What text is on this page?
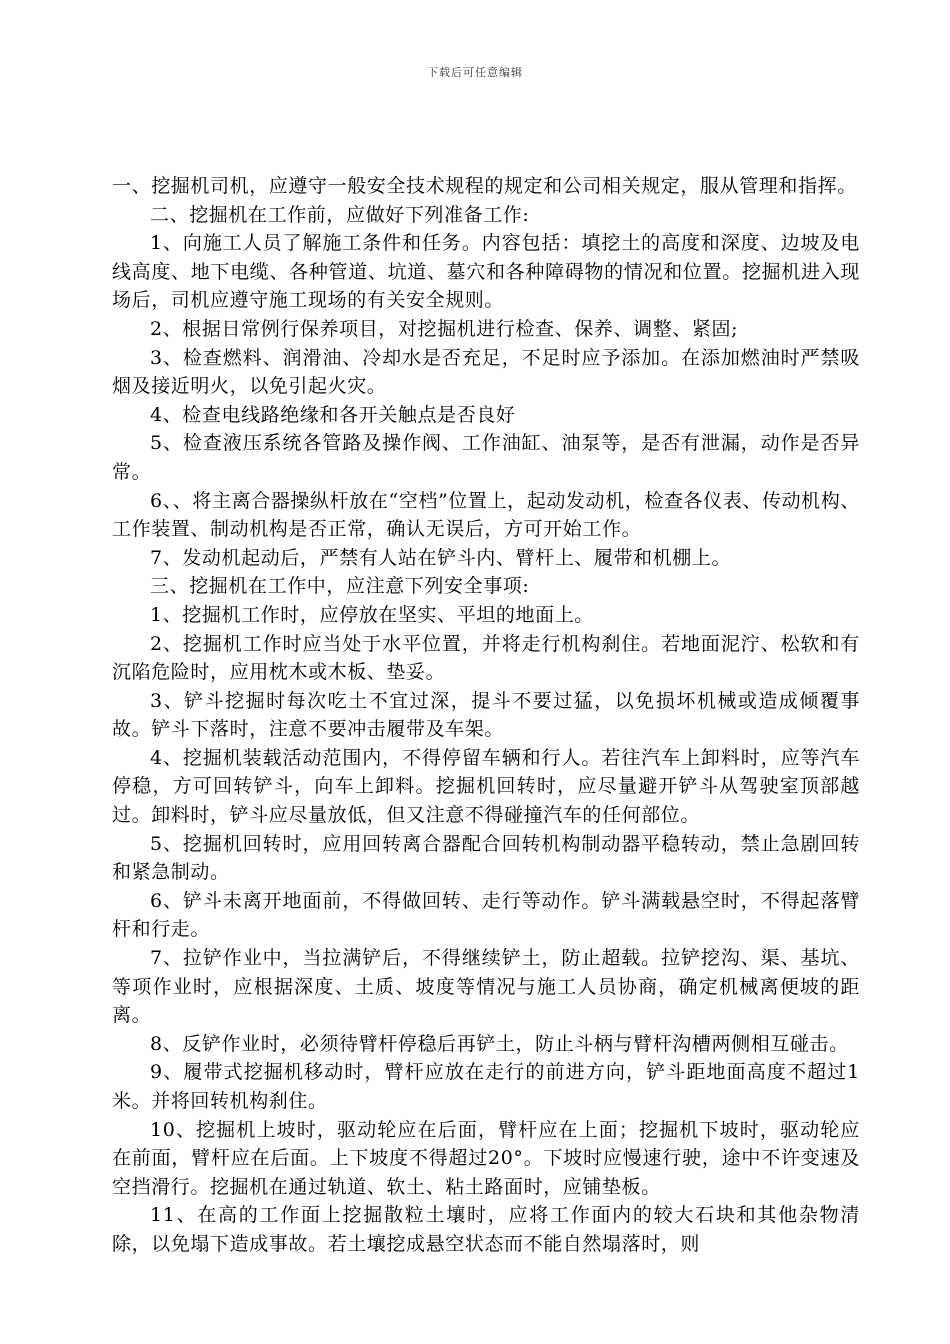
下载后可任意编辑

一、挖掘机司机，应遵守一般安全技术规程的规定和公司相关规定，服从管理和指挥。

二、挖掘机在工作前，应做好下列准备工作:

1、向施工人员了解施工条件和任务。内容包括：填挖土的高度和深度、边坡及电线高度、地下电缆、各种管道、坑道、墓穴和各种障碍物的情况和位置。挖掘机进入现场后，司机应遵守施工现场的有关安全规则。

2、根据日常例行保养项目，对挖掘机进行检查、保养、调整、紧固;

3、检查燃料、润滑油、冷却水是否充足，不足时应予添加。在添加燃油时严禁吸烟及接近明火，以免引起火灾。

4、检查电线路绝缘和各开关触点是否良好

5、检查液压系统各管路及操作阀、工作油缸、油泵等，是否有泄漏，动作是否异常。

6、、将主离合器操纵杆放在“空档”位置上，起动发动机，检查各仪表、传动机构、工作装置、制动机构是否正常，确认无误后，方可开始工作。

7、发动机起动后，严禁有人站在铲斗内、臂杆上、履带和机棚上。

三、挖掘机在工作中，应注意下列安全事项:

1、挖掘机工作时，应停放在坚实、平坦的地面上。

2、挖掘机工作时应当处于水平位置，并将走行机构刹住。若地面泥泞、松软和有沉陷危险时，应用枕木或木板、垫妥。

3、铲斗挖掘时每次吃土不宜过深，提斗不要过猛，以免损坏机械或造成倾覆事故。铲斗下落时，注意不要冲击履带及车架。

4、挖掘机装载活动范围内，不得停留车辆和行人。若往汽车上卸料时，应等汽车停稳，方可回转铲斗，向车上卸料。挖掘机回转时，应尽量避开铲斗从驾驶室顶部越过。卸料时，铲斗应尽量放低，但又注意不得碰撞汽车的任何部位。

5、挖掘机回转时，应用回转离合器配合回转机构制动器平稳转动，禁止急剧回转和紧急制动。

6、铲斗未离开地面前，不得做回转、走行等动作。铲斗满载悬空时，不得起落臂杆和行走。

7、拉铲作业中，当拉满铲后，不得继续铲土，防止超载。拉铲挖沟、渠、基坑、等项作业时，应根据深度、土质、坡度等情况与施工人员协商，确定机械离便坡的距离。

8、反铲作业时，必须待臂杆停稳后再铲土，防止斗柄与臂杆沟槽两侧相互碰击。

9、履带式挖掘机移动时，臂杆应放在走行的前进方向，铲斗距地面高度不超过1米。并将回转机构刹住。

10、挖掘机上坡时，驱动轮应在后面，臂杆应在上面；挖掘机下坡时，驱动轮应在前面，臂杆应在后面。上下坡度不得超过20°。下坡时应慢速行驶，途中不许变速及空挡滑行。挖掘机在通过轨道、软土、粘土路面时，应铺垫板。

11、在高的工作面上挖掘散粒土壤时，应将工作面内的较大石块和其他杂物清除，以免塌下造成事故。若土壤挖成悬空状态而不能自然塌落时，则
